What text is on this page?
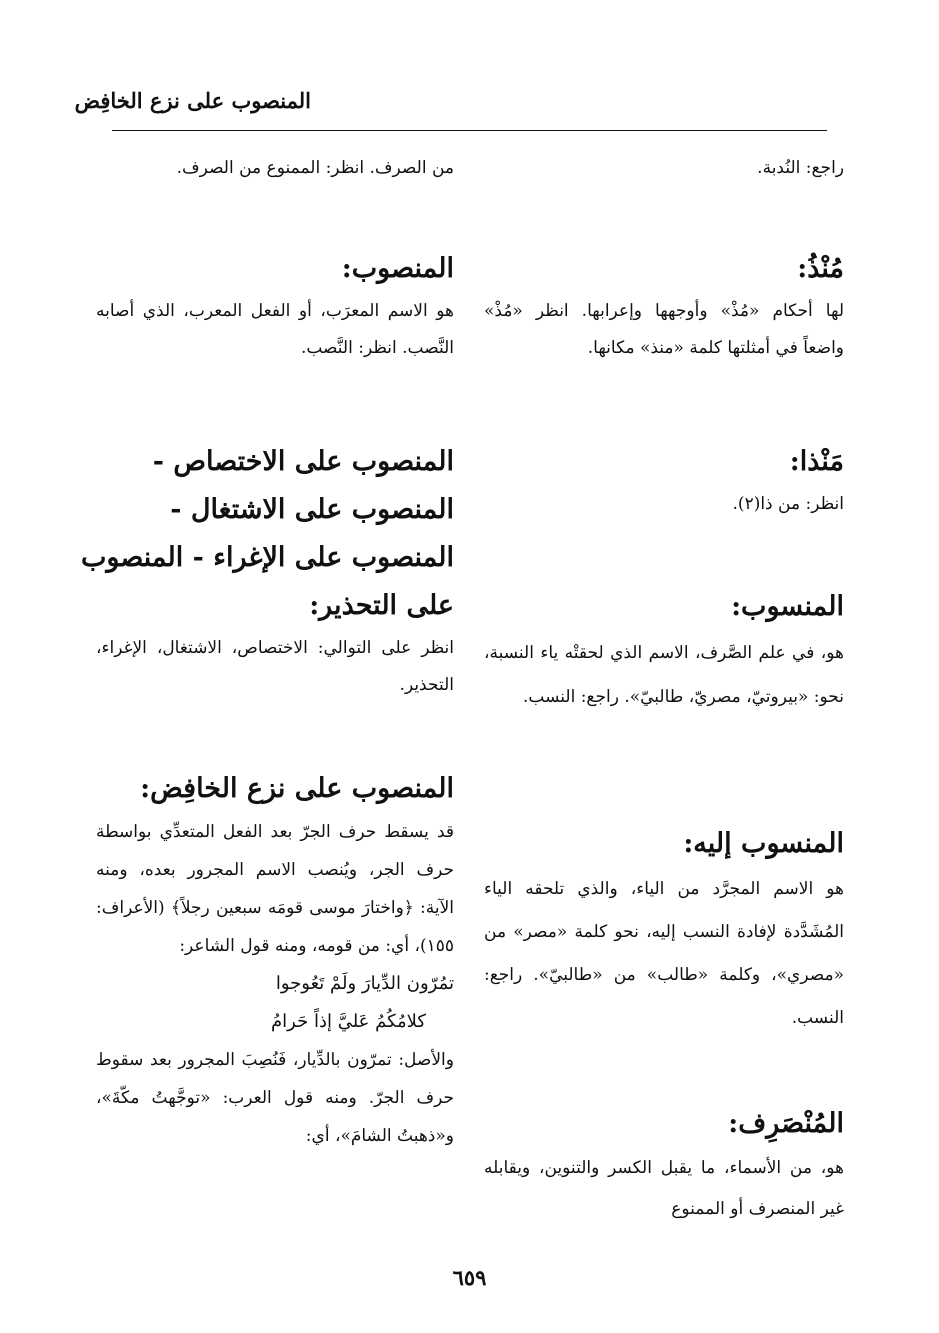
المنصوب على نزع الخافِض
راجع: النُدبة.
مُنْذُ:
لها أحكام «مُذْ» وأوجهها وإعرابها. انظر «مُذْ» واضعاً في أمثلتها كلمة «منذ» مكانها.
مَنْذا:
انظر: من ذا(٢).
المنسوب:
هو، في علم الصَّرف، الاسم الذي لحقتْه ياء النسبة، نحو: «بيروتيّ، مصريّ، طالبيّ». راجع: النسب.
المنسوب إليه:
هو الاسم المجرَّد من الياء، والذي تلحقه الياء المُشَدَّدة لإفادة النسب إليه، نحو كلمة «مصر» من «مصري»، وكلمة «طالب» من «طالبيّ». راجع: النسب.
المُنْصَرِف:
هو، من الأسماء، ما يقبل الكسر والتنوين، ويقابله غير المنصرف أو الممنوع
من الصرف. انظر: الممنوع من الصرف.
المنصوب:
هو الاسم المعرَب، أو الفعل المعرب، الذي أصابه النَّصب. انظر: النَّصب.
المنصوب على الاختصاص -
المنصوب على الاشتغال -
المنصوب على الإغراء - المنصوب
على التحذير:
انظر على التوالي: الاختصاص، الاشتغال، الإغراء، التحذير.
المنصوب على نزع الخافِض:
قد يسقط حرف الجرّ بعد الفعل المتعدِّي بواسطة حرف الجر، ويُنصب الاسم المجرور بعده، ومنه الآية: ﴿واختارَ موسى قومَه سبعين رجلاً﴾ (الأعراف: ١٥٥)، أي: من قومه، ومنه قول الشاعر:
تمُرّون الدِّيارَ ولَمْ تَعُوجوا
كلامُكُمُ عَليَّ إذاً حَرامُ
والأصل: تمرّون بالدِّيار، فَنُصِبَ المجرور بعد سقوط حرف الجرّ. ومنه قول العرب: «توجَّهتُ مكّةَ»، و«ذهبتُ الشامَ»، أي:
٦٥٩
